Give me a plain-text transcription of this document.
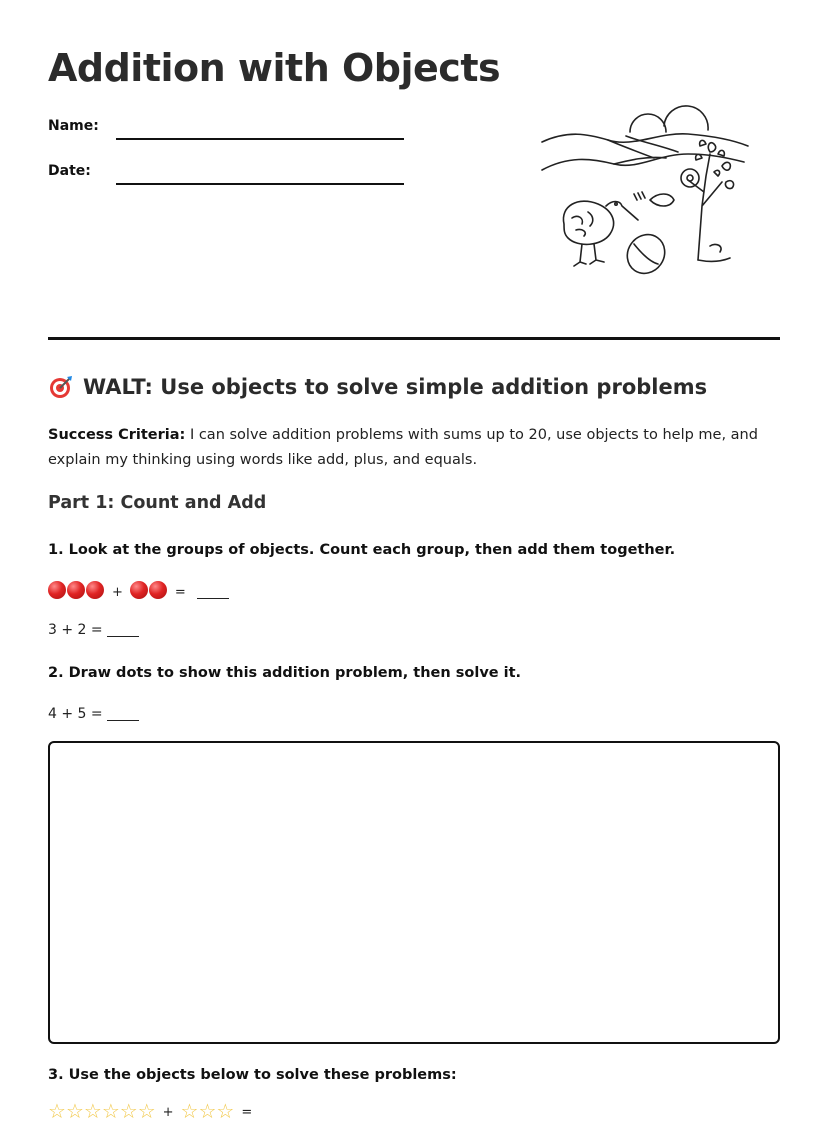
Addition with Objects
Name:
Date:
WALT: Use objects to solve simple addition problems
Success Criteria: I can solve addition problems with sums up to 20, use objects to help me, and explain my thinking using words like add, plus, and equals.
Part 1: Count and Add

1. Look at the groups of objects. Count each group, then add them together.

+	=
3 + 2 =

2. Draw dots to show this addition problem, then solve it.

4 + 5 =

3. Use the objects below to solve these problems:

☆☆☆☆☆☆ + ☆☆☆ =
